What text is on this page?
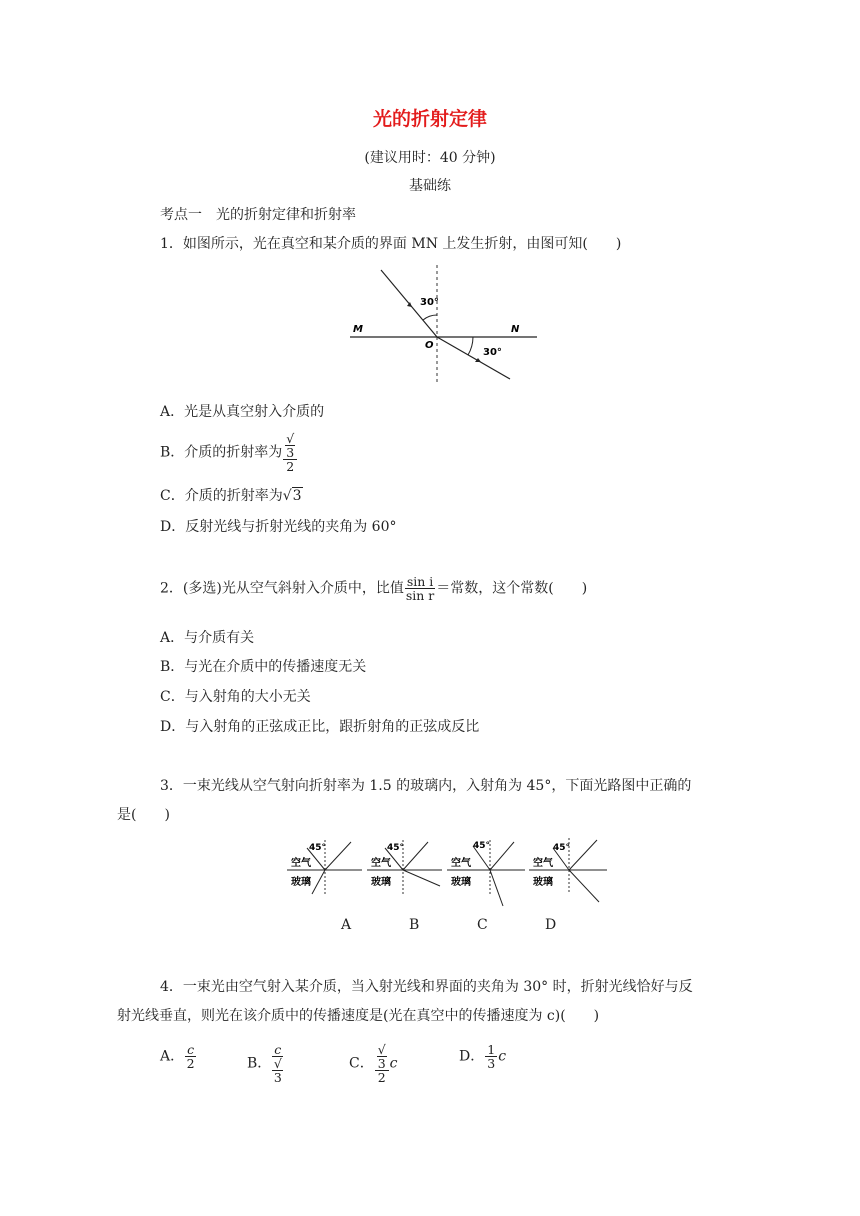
光的折射定律
(建议用时：40 分钟)
基础练
考点一　光的折射定律和折射率
1．如图所示，光在真空和某介质的界面 MN 上发生折射，由图可知(　　)
30°
30°
M	N
O
A．光是从真空射入介质的
B．介质的折射率为 √
3
2
C．介质的折射率为√3
D．反射光线与折射光线的夹角为 60°
2．(多选)光从空气斜射入介质中，比值 $\frac{\text{sin i}}{\text{sin r}}$ ＝常数，这个常数(　　)
A．与介质有关
B．与光在介质中的传播速度无关
C．与入射角的大小无关
D．与入射角的正弦成正比，跟折射角的正弦成反比
3．一束光线从空气射向折射率为 1.5 的玻璃内，入射角为 45°，下面光路图中正确的
是(　　)
45°
空气
玻璃
45°
空气
玻璃
45°
空气
玻璃
45°
空气
玻璃
A	B	C	D
4．一束光由空气射入某介质，当入射光线和界面的夹角为 30° 时，折射光线恰好与反
射光线垂直，则光在该介质中的传播速度是(光在真空中的传播速度为 c)(　　)
A． $\frac{c}{2}$	B． c
√
3	C． √
3
2 c	D． $\frac{1}{3}$ c
